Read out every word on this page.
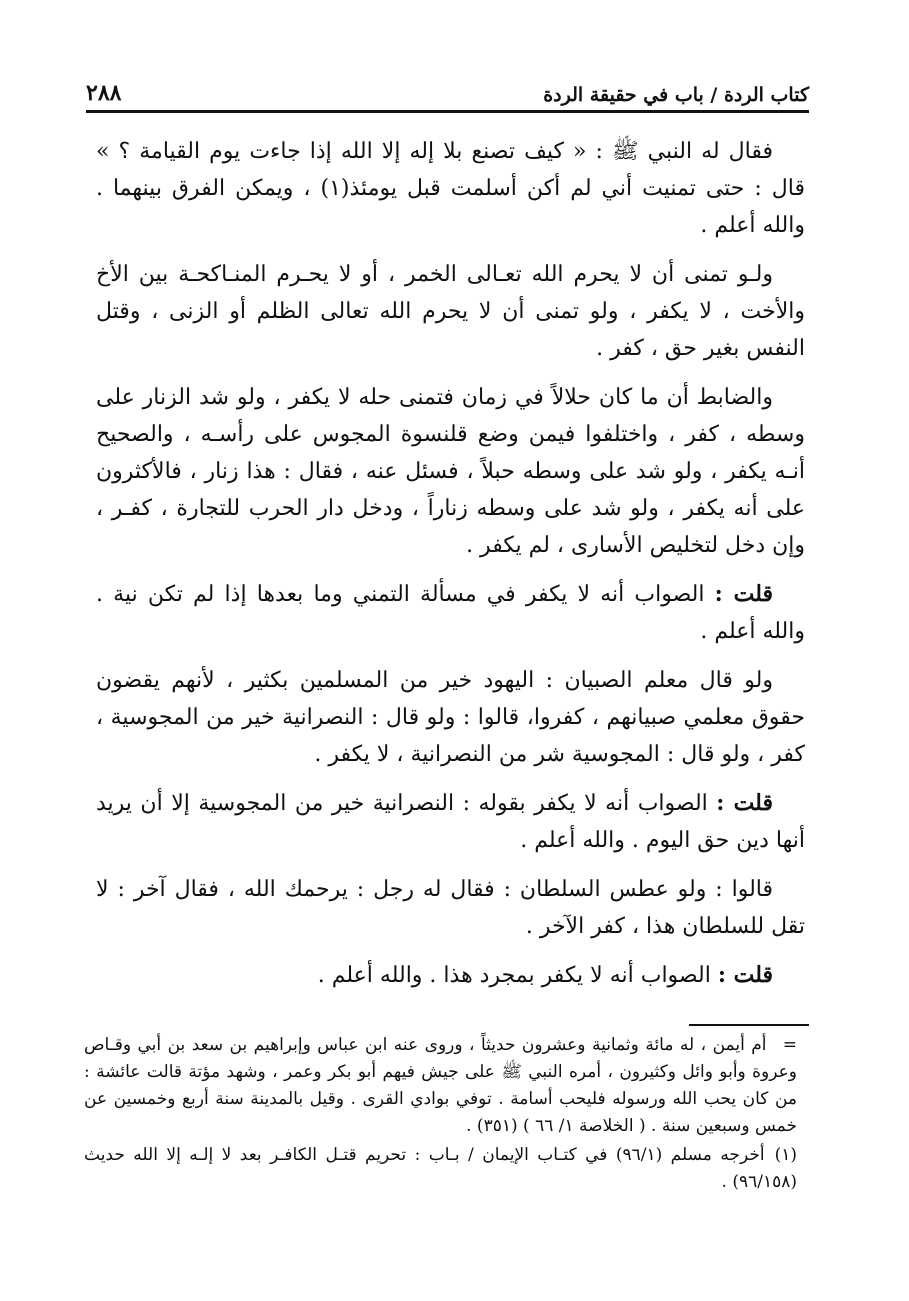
كتاب الردة / باب في حقيقة الردة
٢٨٨

فقال له النبي ﷺ : « كيف تصنع بلا إله إلا الله إذا جاءت يوم القيامة ؟ » قال : حتى تمنيت أني لم أكن أسلمت قبل يومئذ(١) ، ويمكن الفرق بينهما . والله أعلم .

ولـو تمنى أن لا يحرم الله تعـالى الخمر ، أو لا يحـرم المنـاكحـة بين الأخ والأخت ، لا يكفر ، ولو تمنى أن لا يحرم الله تعالى الظلم أو الزنى ، وقتل النفس بغير حق ، كفر .

والضابط أن ما كان حلالاً في زمان فتمنى حله لا يكفر ، ولو شد الزنار على وسطه ، كفر ، واختلفوا فيمن وضع قلنسوة المجوس على رأسـه ، والصحيح أنـه يكفر ، ولو شد على وسطه حبلاً ، فسئل عنه ، فقال : هذا زنار ، فالأكثرون على أنه يكفر ، ولو شد على وسطه زناراً ، ودخل دار الحرب للتجارة ، كفـر ، وإن دخل لتخليص الأسارى ، لم يكفر .

قلت : الصواب أنه لا يكفر في مسألة التمني وما بعدها إذا لم تكن نية . والله أعلم .

ولو قال معلم الصبيان : اليهود خير من المسلمين بكثير ، لأنهم يقضون حقوق معلمي صبيانهم ، كفروا، قالوا : ولو قال : النصرانية خير من المجوسية ، كفر ، ولو قال : المجوسية شر من النصرانية ، لا يكفر .

قلت : الصواب أنه لا يكفر بقوله : النصرانية خير من المجوسية إلا أن يريد أنها دين حق اليوم . والله أعلم .

قالوا : ولو عطس السلطان : فقال له رجل : يرحمك الله ، فقال آخر : لا تقل للسلطان هذا ، كفر الآخر .

قلت : الصواب أنه لا يكفر بمجرد هذا . والله أعلم .

= أم أيمن ، له مائة وثمانية وعشرون حديثاً ، وروى عنه ابن عباس وإبراهيم بن سعد بن أبي وقـاص وعروة وأبو وائل وكثيرون ، أمره النبي ﷺ على جيش فيهم أبو بكر وعمر ، وشهد مؤتة قالت عائشة : من كان يحب الله ورسوله فليحب أسامة . توفي بوادي القرى . وقيل بالمدينة سنة أربع وخمسين عن خمس وسبعين سنة . ( الخلاصة ١/ ٦٦ ) (٣٥١) .

(١) أخرجه مسلم (٩٦/١) في كتـاب الإيمان / بـاب : تحريم قتـل الكافـر بعد لا إلـه إلا الله حديث (٩٦/١٥٨) .
